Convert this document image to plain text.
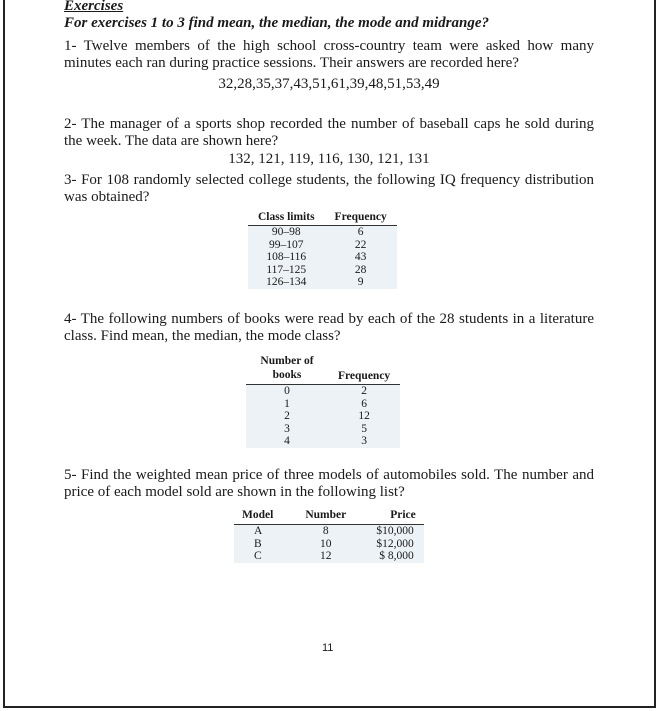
Exercises
For exercises 1 to 3 find mean, the median, the mode and midrange?
1- Twelve members of the high school cross-country team were asked how many minutes each ran during practice sessions. Their answers are recorded here?
32,28,35,37,43,51,61,39,48,51,53,49
2- The manager of a sports shop recorded the number of baseball caps he sold during the week. The data are shown here?
132, 121, 119, 116, 130, 121, 131
3- For 108 randomly selected college students, the following IQ frequency distribution was obtained?
Class limits	Frequency
90–98	6
99–107	22
108–116	43
117–125	28
126–134	9
4- The following numbers of books were read by each of the 28 students in a literature class. Find mean, the median, the mode class?
Number of books	Frequency
0	2
1	6
2	12
3	5
4	3
5- Find the weighted mean price of three models of automobiles sold. The number and price of each model sold are shown in the following list?
Model	Number	Price
A	8	$10,000
B	10	$12,000
C	12	$ 8,000
11
